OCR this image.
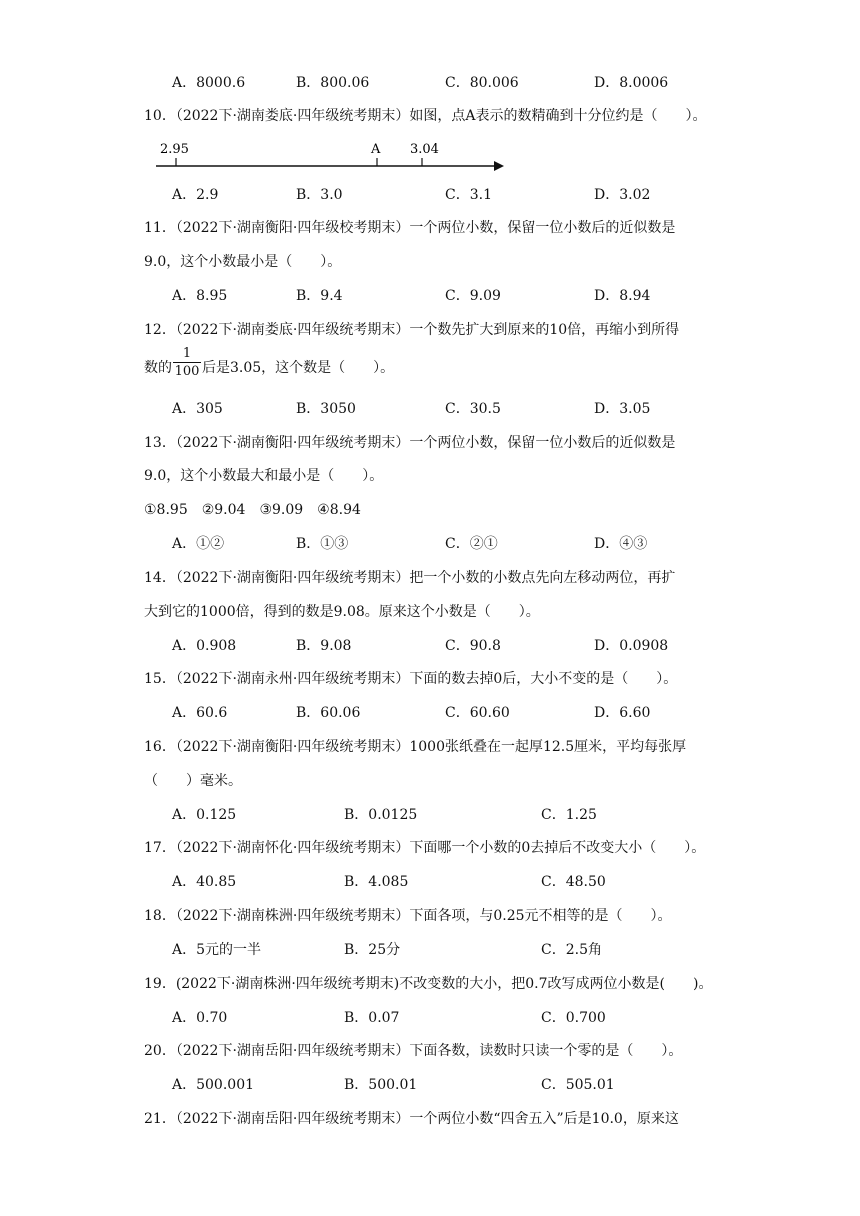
A．8000.6	B．800.06	C．80.006	D．8.0006
10．（2022下·湖南娄底·四年级统考期末）如图，点A表示的数精确到十分位约是（　　）。
2.95	A 3.04
A．2.9	B．3.0	C．3.1	D．3.02
11．（2022下·湖南衡阳·四年级校考期末）一个两位小数，保留一位小数后的近似数是
9.0，这个小数最小是（　　）。
A．8.95	B．9.4	C．9.09	D．8.94
12．（2022下·湖南娄底·四年级统考期末）一个数先扩大到原来的10倍，再缩小到所得
数的
1
100 后是3.05，这个数是（　　）。
A．305	B．3050	C．30.5	D．3.05
13．（2022下·湖南衡阳·四年级统考期末）一个两位小数，保留一位小数后的近似数是
9.0，这个小数最大和最小是（　　）。
①8.95　②9.04　③9.09　④8.94
A．①②	B．①③	C．②①	D．④③
14．（2022下·湖南衡阳·四年级统考期末）把一个小数的小数点先向左移动两位，再扩
大到它的1000倍，得到的数是9.08。原来这个小数是（　　）。
A．0.908	B．9.08	C．90.8	D．0.0908
15．（2022下·湖南永州·四年级统考期末）下面的数去掉0后，大小不变的是（　　）。
A．60.6	B．60.06	C．60.60	D．6.60
16．（2022下·湖南衡阳·四年级统考期末）1000张纸叠在一起厚12.5厘米，平均每张厚
（　　）毫米。
A．0.125	B．0.0125	C．1.25
17．（2022下·湖南怀化·四年级统考期末）下面哪一个小数的0去掉后不改变大小（　　）。
A．40.85	B．4.085	C．48.50
18．（2022下·湖南株洲·四年级统考期末）下面各项，与0.25元不相等的是（　　）。
A．5元的一半	B．25分	C．2.5角
19．(2022下·湖南株洲·四年级统考期末)不改变数的大小，把0.7改写成两位小数是(　　)。
A．0.70	B．0.07	C．0.700
20．（2022下·湖南岳阳·四年级统考期末）下面各数，读数时只读一个零的是（　　）。
A．500.001	B．500.01	C．505.01
21．（2022下·湖南岳阳·四年级统考期末）一个两位小数“四舍五入”后是10.0，原来这
